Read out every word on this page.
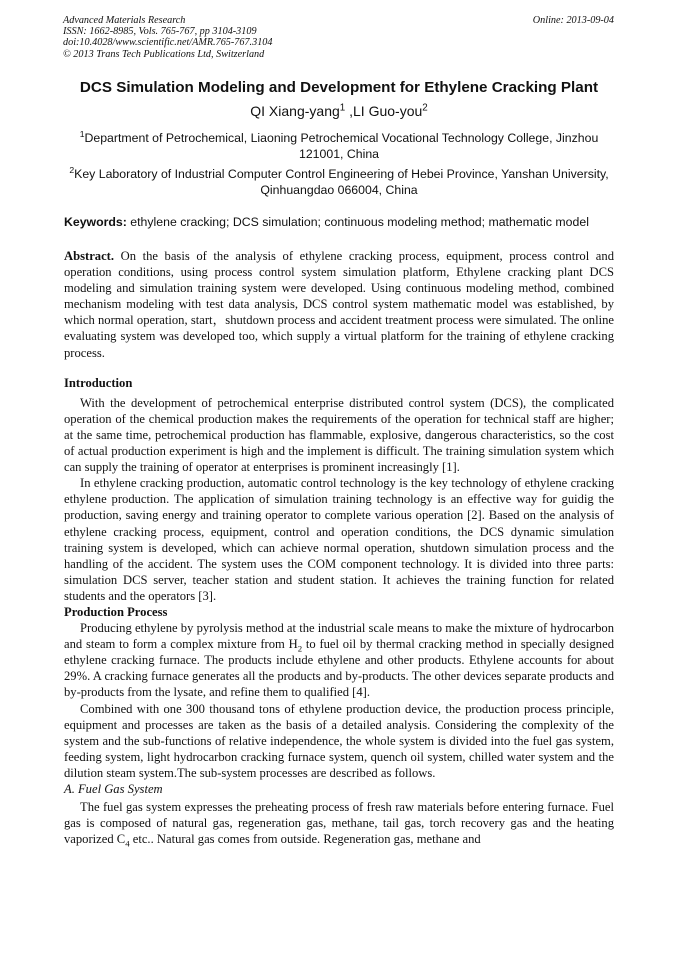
Advanced Materials Research
ISSN: 1662-8985, Vols. 765-767, pp 3104-3109
doi:10.4028/www.scientific.net/AMR.765-767.3104
© 2013 Trans Tech Publications Ltd, Switzerland
Online: 2013-09-04
DCS Simulation Modeling and Development for Ethylene Cracking Plant
QI Xiang-yang$^1$ ,LI Guo-you$^2$
$^1$Department of Petrochemical, Liaoning Petrochemical Vocational Technology College, Jinzhou 121001, China
$^2$Key Laboratory of Industrial Computer Control Engineering of Hebei Province, Yanshan University, Qinhuangdao 066004, China
Keywords: ethylene cracking; DCS simulation; continuous modeling method; mathematic model

Abstract. On the basis of the analysis of ethylene cracking process, equipment, process control and operation conditions, using process control system simulation platform, Ethylene cracking plant DCS modeling and simulation training system were developed. Using continuous modeling method, combined mechanism modeling with test data analysis, DCS control system mathematic model was established, by which normal operation, start，shutdown process and accident treatment process were simulated. The online evaluating system was developed too, which supply a virtual platform for the training of ethylene cracking process.

Introduction

With the development of petrochemical enterprise distributed control system (DCS), the complicated operation of the chemical production makes the requirements of the operation for technical staff are higher; at the same time, petrochemical production has flammable, explosive, dangerous characteristics, so the cost of actual production experiment is high and the implement is difficult. The training simulation system which can supply the training of operator at enterprises is prominent increasingly [1].

In ethylene cracking production, automatic control technology is the key technology of ethylene cracking ethylene production. The application of simulation training technology is an effective way for guidig the production, saving energy and training operator to complete various operation [2]. Based on the analysis of ethylene cracking process, equipment, control and operation conditions, the DCS dynamic simulation training system is developed, which can achieve normal operation, shutdown simulation process and the handling of the accident. The system uses the COM component technology. It is divided into three parts: simulation DCS server, teacher station and student station. It achieves the training function for related students and the operators [3].

Production Process

Producing ethylene by pyrolysis method at the industrial scale means to make the mixture of hydrocarbon and steam to form a complex mixture from $H_2$ to fuel oil by thermal cracking method in specially designed ethylene cracking furnace. The products include ethylene and other products. Ethylene accounts for about 29%. A cracking furnace generates all the products and by-products. The other devices separate products and by-products from the lysate, and refine them to qualified [4].

Combined with one 300 thousand tons of ethylene production device, the production process principle, equipment and processes are taken as the basis of a detailed analysis. Considering the complexity of the system and the sub-functions of relative independence, the whole system is divided into the fuel gas system, feeding system, light hydrocarbon cracking furnace system, quench oil system, chilled water system and the dilution steam system.The sub-system processes are described as follows.

A. Fuel Gas System

The fuel gas system expresses the preheating process of fresh raw materials before entering furnace. Fuel gas is composed of natural gas, regeneration gas, methane, tail gas, torch recovery gas and the heating vaporized $C_4$ etc.. Natural gas comes from outside. Regeneration gas, methane and
